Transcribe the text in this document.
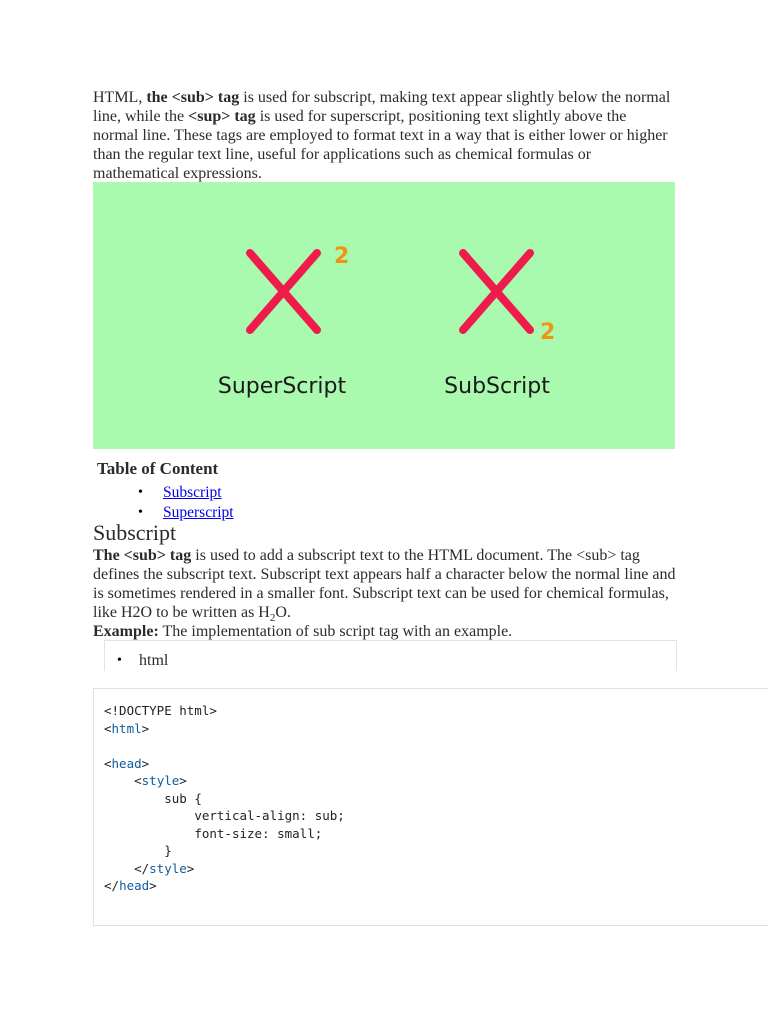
HTML, the <sub> tag is used for subscript, making text appear slightly below the normal line, while the <sup> tag is used for superscript, positioning text slightly above the normal line. These tags are employed to format text in a way that is either lower or higher than the regular text line, useful for applications such as chemical formulas or mathematical expressions.

2
SuperScript
2
SubScript
Table of Content
•	Subscript
•	Superscript
Subscript

The <sub> tag is used to add a subscript text to the HTML document. The <sub> tag defines the subscript text. Subscript text appears half a character below the normal line and is sometimes rendered in a smaller font. Subscript text can be used for chemical formulas, like H2O to be written as $H_2O$.

Example: The implementation of sub script tag with an example.

• html
<!DOCTYPE html>
<html>

<head>
<style>
sub {
vertical-align: sub;
font-size: small;
}
</style>
</head>
